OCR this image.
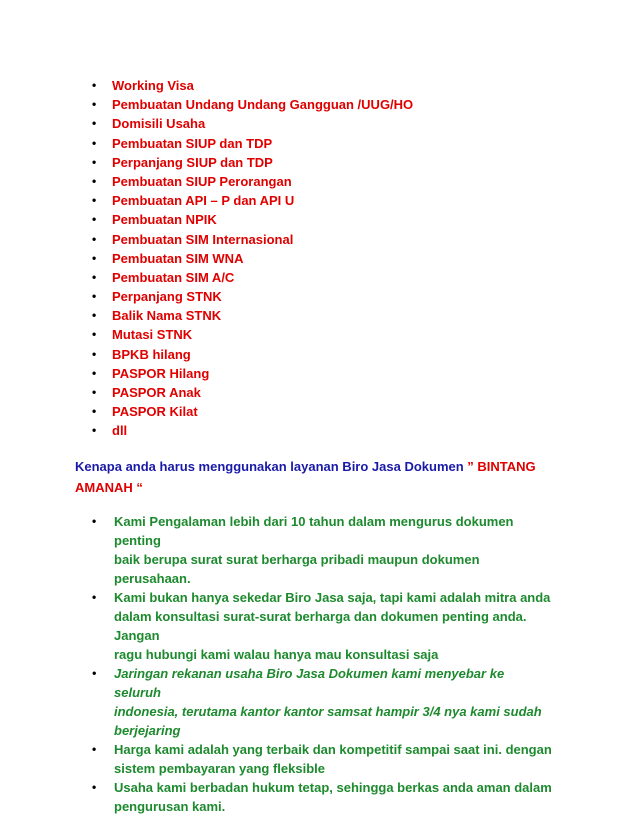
• Working Visa
• Pembuatan Undang Undang Gangguan /UUG/HO
• Domisili Usaha
• Pembuatan SIUP dan TDP
• Perpanjang SIUP dan TDP
• Pembuatan SIUP Perorangan
• Pembuatan API – P dan API U
• Pembuatan NPIK
• Pembuatan SIM Internasional
• Pembuatan SIM WNA
• Pembuatan SIM A/C
• Perpanjang STNK
• Balik Nama STNK
• Mutasi STNK
• BPKB hilang
• PASPOR Hilang
• PASPOR Anak
• PASPOR Kilat
• dll
Kenapa anda harus menggunakan layanan Biro Jasa Dokumen ” BINTANG AMANAH “
• Kami Pengalaman lebih dari 10 tahun dalam mengurus dokumen penting
baik berupa surat surat berharga pribadi maupun dokumen perusahaan.
• Kami bukan hanya sekedar Biro Jasa saja, tapi kami adalah mitra anda
dalam konsultasi surat-surat berharga dan dokumen penting anda. Jangan
ragu hubungi kami walau hanya mau konsultasi saja
• Jaringan rekanan usaha Biro Jasa Dokumen kami menyebar ke seluruh
indonesia, terutama kantor kantor samsat hampir 3/4 nya kami sudah
berjejaring
• Harga kami adalah yang terbaik dan kompetitif sampai saat ini. dengan
sistem pembayaran yang fleksible
• Usaha kami berbadan hukum tetap, sehingga berkas anda aman dalam
pengurusan kami.
